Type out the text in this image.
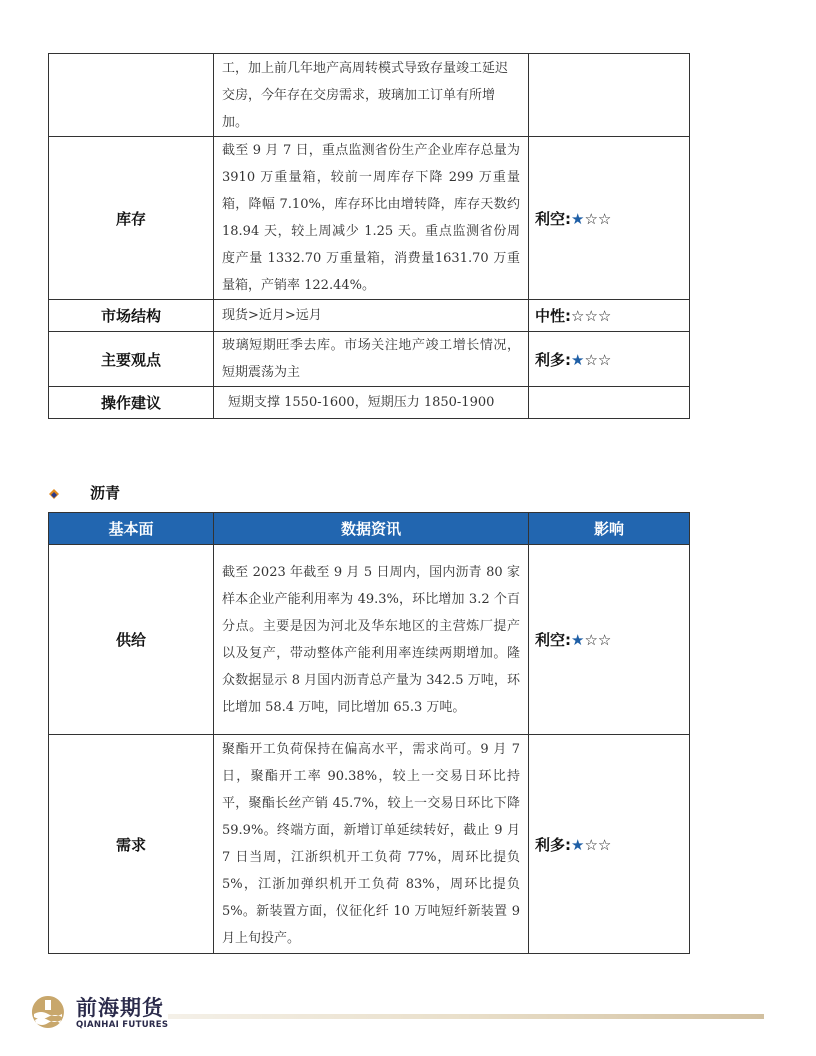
	工，加上前几年地产高周转模式导致存量竣工延迟交房，今年存在交房需求，玻璃加工订单有所增加。	
库存	截至 9 月 7 日，重点监测省份生产企业库存总量为 3910 万重量箱，较前一周库存下降 299 万重量箱，降幅 7.10%，库存环比由增转降，库存天数约 18.94 天，较上周减少 1.25 天。重点监测省份周度产量 1332.70 万重量箱，消费量1631.70 万重量箱，产销率 122.44%。	利空:★☆☆
市场结构	现货>近月>远月	中性:☆☆☆
主要观点	玻璃短期旺季去库。市场关注地产竣工增长情况，短期震荡为主	利多:★☆☆
操作建议	短期支撑 1550-1600，短期压力 1850-1900	
沥青
基本面	数据资讯	影响
供给	截至 2023 年截至 9 月 5 日周内，国内沥青 80 家样本企业产能利用率为 49.3%，环比增加 3.2 个百分点。主要是因为河北及华东地区的主营炼厂提产以及复产，带动整体产能利用率连续两期增加。隆众数据显示 8 月国内沥青总产量为 342.5 万吨，环比增加 58.4 万吨，同比增加 65.3 万吨。	利空:★☆☆
需求	聚酯开工负荷保持在偏高水平，需求尚可。9 月 7 日，聚酯开工率 90.38%，较上一交易日环比持平，聚酯长丝产销 45.7%，较上一交易日环比下降 59.9%。终端方面，新增订单延续转好，截止 9 月 7 日当周，江浙织机开工负荷 77%，周环比提负 5%，江浙加弹织机开工负荷 83%，周环比提负 5%。新装置方面，仪征化纤 10 万吨短纤新装置 9 月上旬投产。	利多:★☆☆
前海期货
QIANHAI FUTURES
